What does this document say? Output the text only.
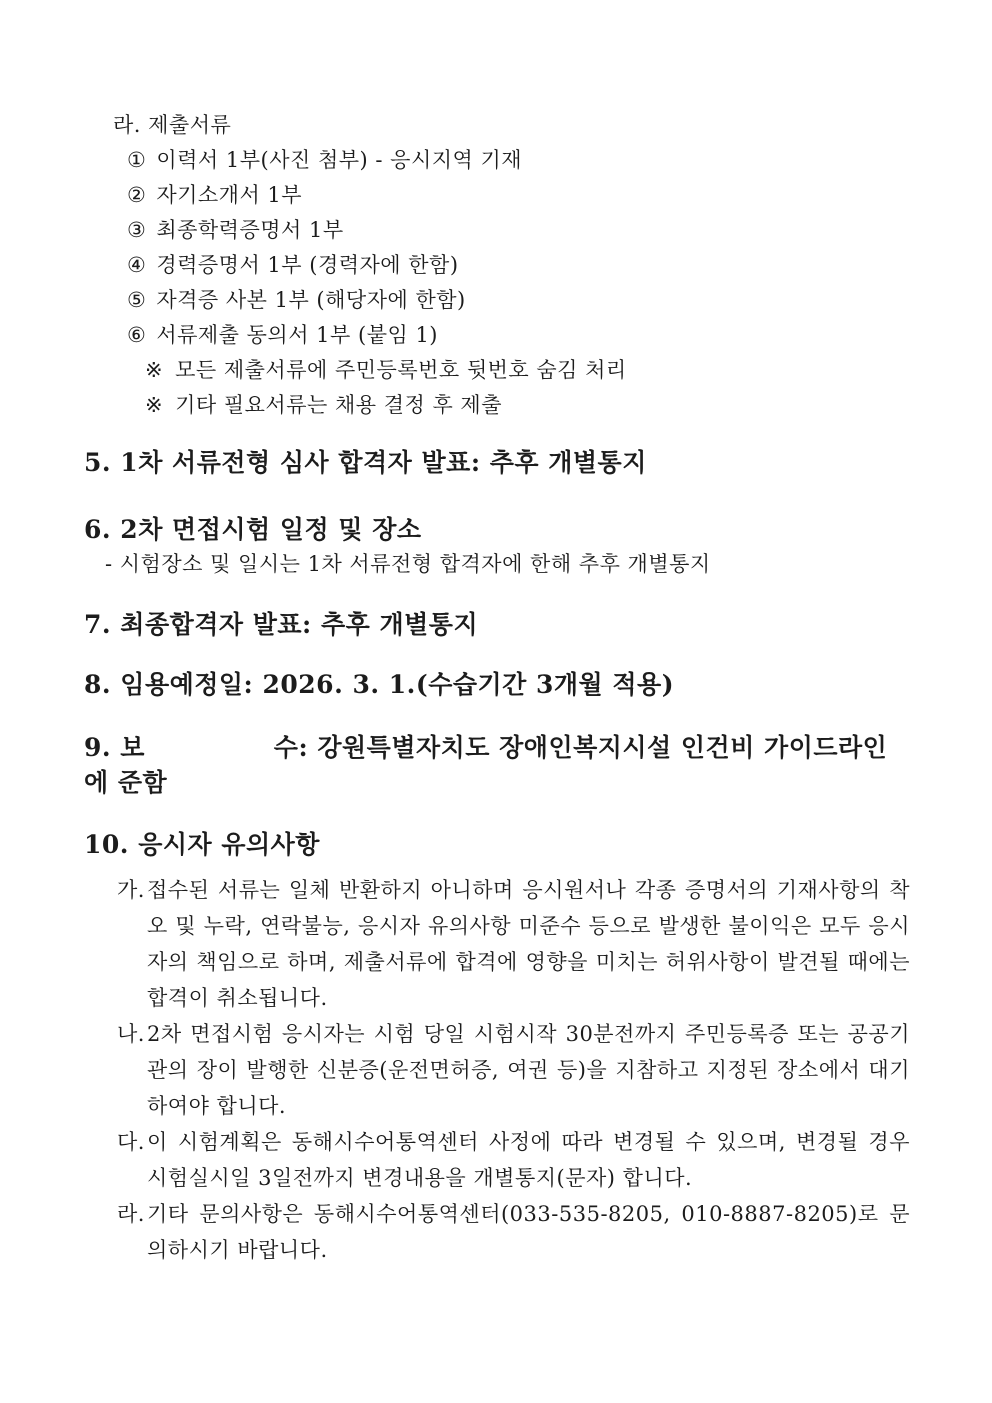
라. 제출서류
① 이력서 1부(사진 첨부) - 응시지역 기재
② 자기소개서 1부
③ 최종학력증명서 1부
④ 경력증명서 1부 (경력자에 한함)
⑤ 자격증 사본 1부 (해당자에 한함)
⑥ 서류제출 동의서 1부 (붙임 1)
※ 모든 제출서류에 주민등록번호 뒷번호 숨김 처리
※ 기타 필요서류는 채용 결정 후 제출
5. 1차 서류전형 심사 합격자 발표: 추후 개별통지
6. 2차 면접시험 일정 및 장소
- 시험장소 및 일시는 1차 서류전형 합격자에 한해 추후 개별통지
7. 최종합격자 발표: 추후 개별통지
8. 임용예정일: 2026. 3. 1.(수습기간 3개월 적용)
9. 보              수: 강원특별자치도 장애인복지시설 인건비 가이드라인에 준함
10. 응시자 유의사항
가. 접수된 서류는 일체 반환하지 아니하며 응시원서나 각종 증명서의 기재사항의 착오 및 누락, 연락불능, 응시자 유의사항 미준수 등으로 발생한 불이익은 모두 응시자의 책임으로 하며, 제출서류에 합격에 영향을 미치는 허위사항이 발견될 때에는 합격이 취소됩니다.

나. 2차 면접시험 응시자는 시험 당일 시험시작 30분전까지 주민등록증 또는 공공기관의 장이 발행한 신분증(운전면허증, 여권 등)을 지참하고 지정된 장소에서 대기하여야 합니다.

다. 이 시험계획은 동해시수어통역센터 사정에 따라 변경될 수 있으며, 변경될 경우 시험실시일 3일전까지 변경내용을 개별통지(문자) 합니다.

라. 기타 문의사항은 동해시수어통역센터(033-535-8205, 010-8887-8205)로 문의하시기 바랍니다.
